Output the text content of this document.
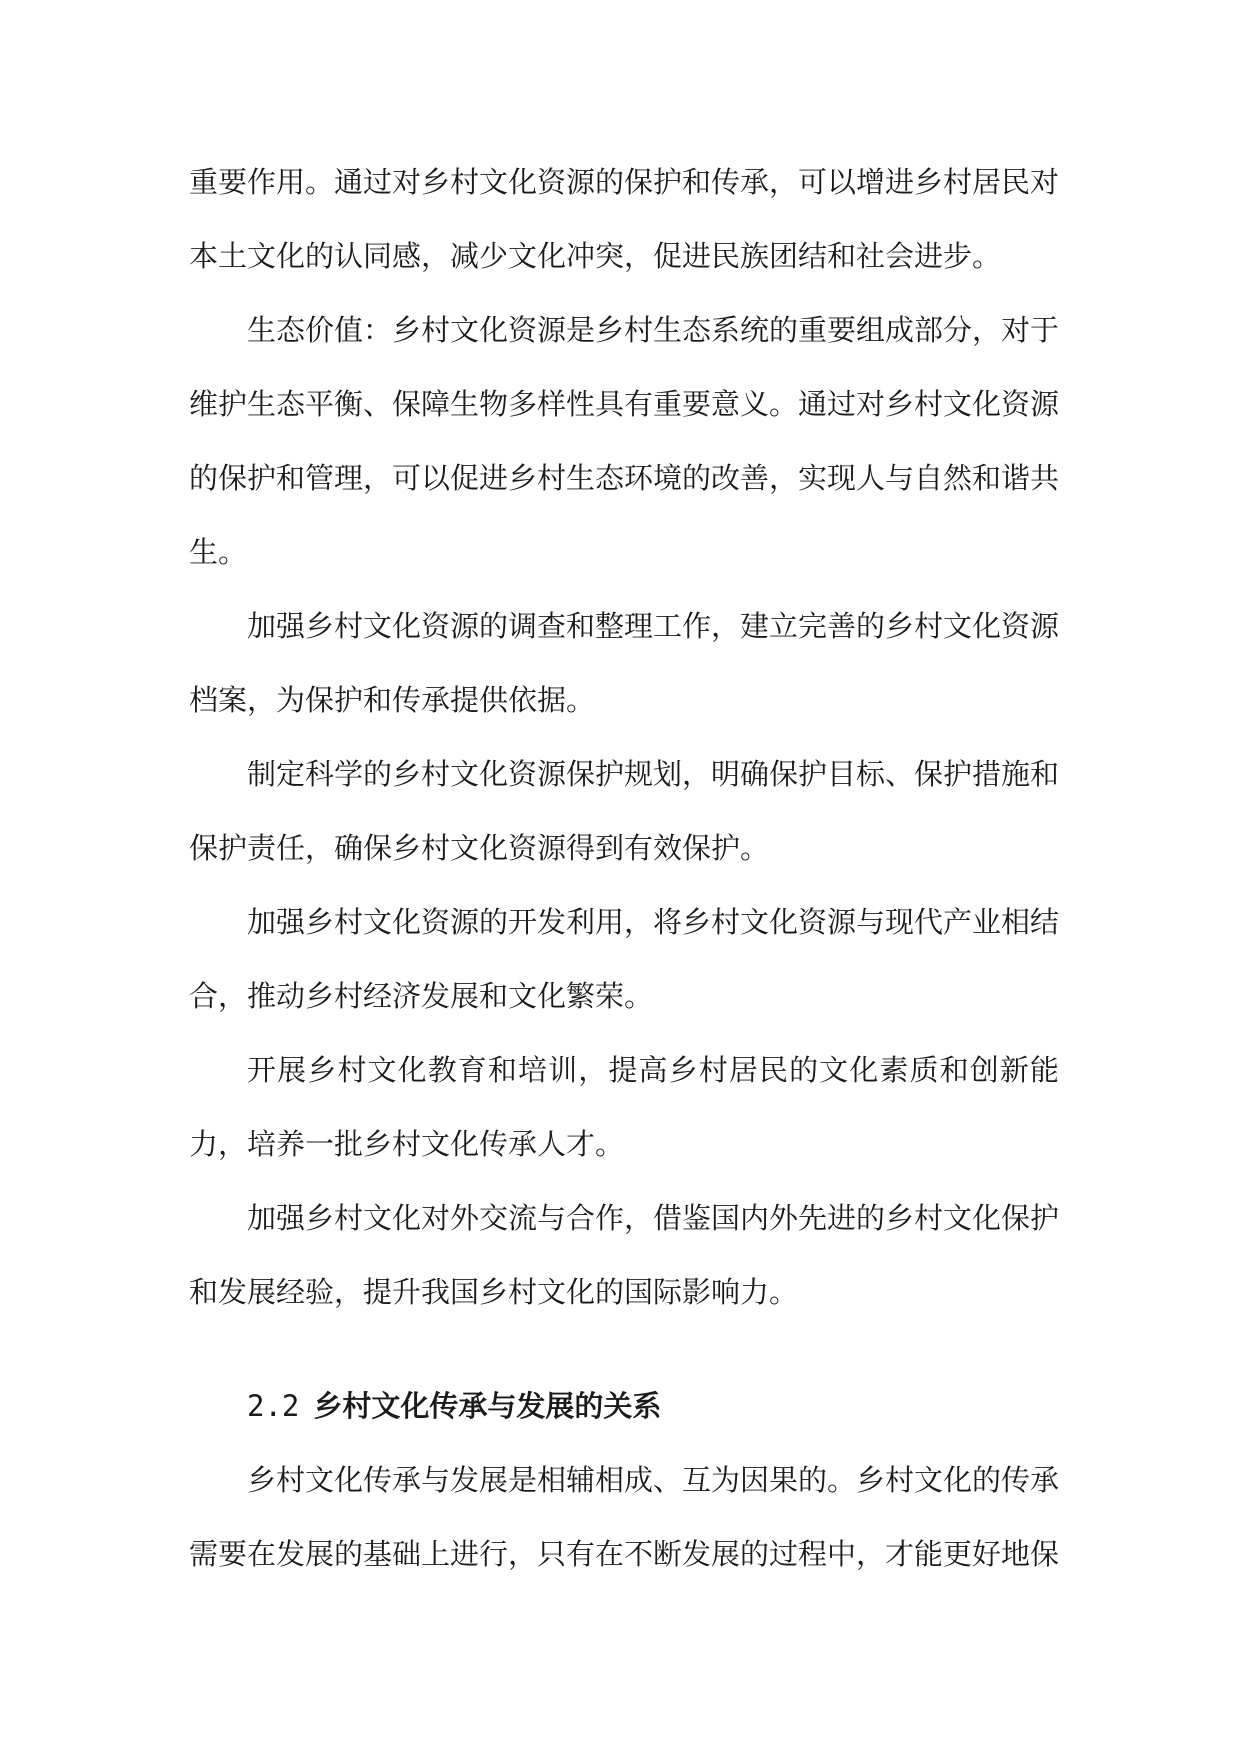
重要作用。通过对乡村文化资源的保护和传承，可以增进乡村居民对本土文化的认同感，减少文化冲突，促进民族团结和社会进步。

生态价值：乡村文化资源是乡村生态系统的重要组成部分，对于维护生态平衡、保障生物多样性具有重要意义。通过对乡村文化资源的保护和管理，可以促进乡村生态环境的改善，实现人与自然和谐共生。

加强乡村文化资源的调查和整理工作，建立完善的乡村文化资源档案，为保护和传承提供依据。

制定科学的乡村文化资源保护规划，明确保护目标、保护措施和保护责任，确保乡村文化资源得到有效保护。

加强乡村文化资源的开发利用，将乡村文化资源与现代产业相结合，推动乡村经济发展和文化繁荣。

开展乡村文化教育和培训，提高乡村居民的文化素质和创新能力，培养一批乡村文化传承人才。

加强乡村文化对外交流与合作，借鉴国内外先进的乡村文化保护和发展经验，提升我国乡村文化的国际影响力。

2.2 乡村文化传承与发展的关系

乡村文化传承与发展是相辅相成、互为因果的。乡村文化的传承需要在发展的基础上进行，只有在不断发展的过程中，才能更好地保
